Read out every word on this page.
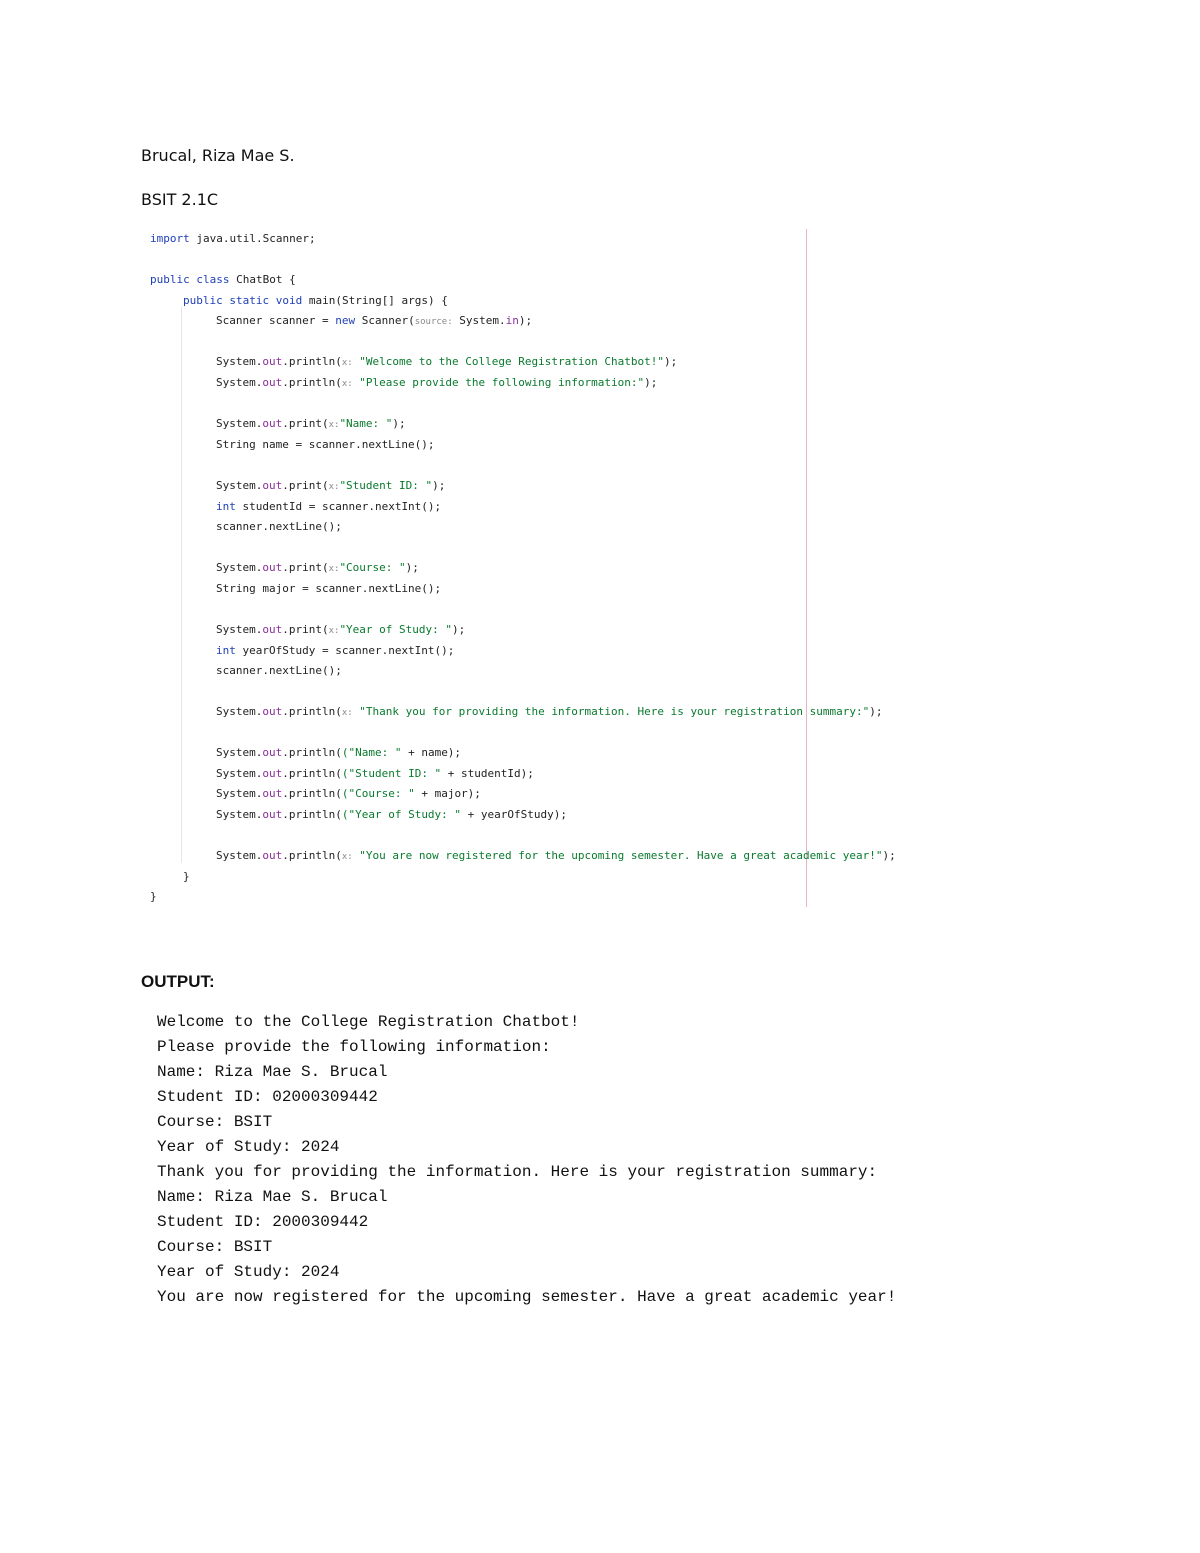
Brucal, Riza Mae S.
BSIT 2.1C
import java.util.Scanner;
public class ChatBot {
public static void main(String[] args) {
Scanner scanner = new Scanner(source: System.in);
System.out.println(x: "Welcome to the College Registration Chatbot!");
System.out.println(x: "Please provide the following information:");
System.out.print(x:"Name: ");
String name = scanner.nextLine();
System.out.print(x:"Student ID: ");
int studentId = scanner.nextInt();
scanner.nextLine();
System.out.print(x:"Course: ");
String major = scanner.nextLine();
System.out.print(x:"Year of Study: ");
int yearOfStudy = scanner.nextInt();
scanner.nextLine();
System.out.println(x: "Thank you for providing the information. Here is your registration summary:");
System.out.println(("Name: " + name);
System.out.println(("Student ID: " + studentId);
System.out.println(("Course: " + major);
System.out.println(("Year of Study: " + yearOfStudy);
System.out.println(x: "You are now registered for the upcoming semester. Have a great academic year!");
}
}
OUTPUT:
Welcome to the College Registration Chatbot!
Please provide the following information:
Name: Riza Mae S. Brucal
Student ID: 02000309442
Course: BSIT
Year of Study: 2024
Thank you for providing the information. Here is your registration summary:
Name: Riza Mae S. Brucal
Student ID: 2000309442
Course: BSIT
Year of Study: 2024
You are now registered for the upcoming semester. Have a great academic year!
